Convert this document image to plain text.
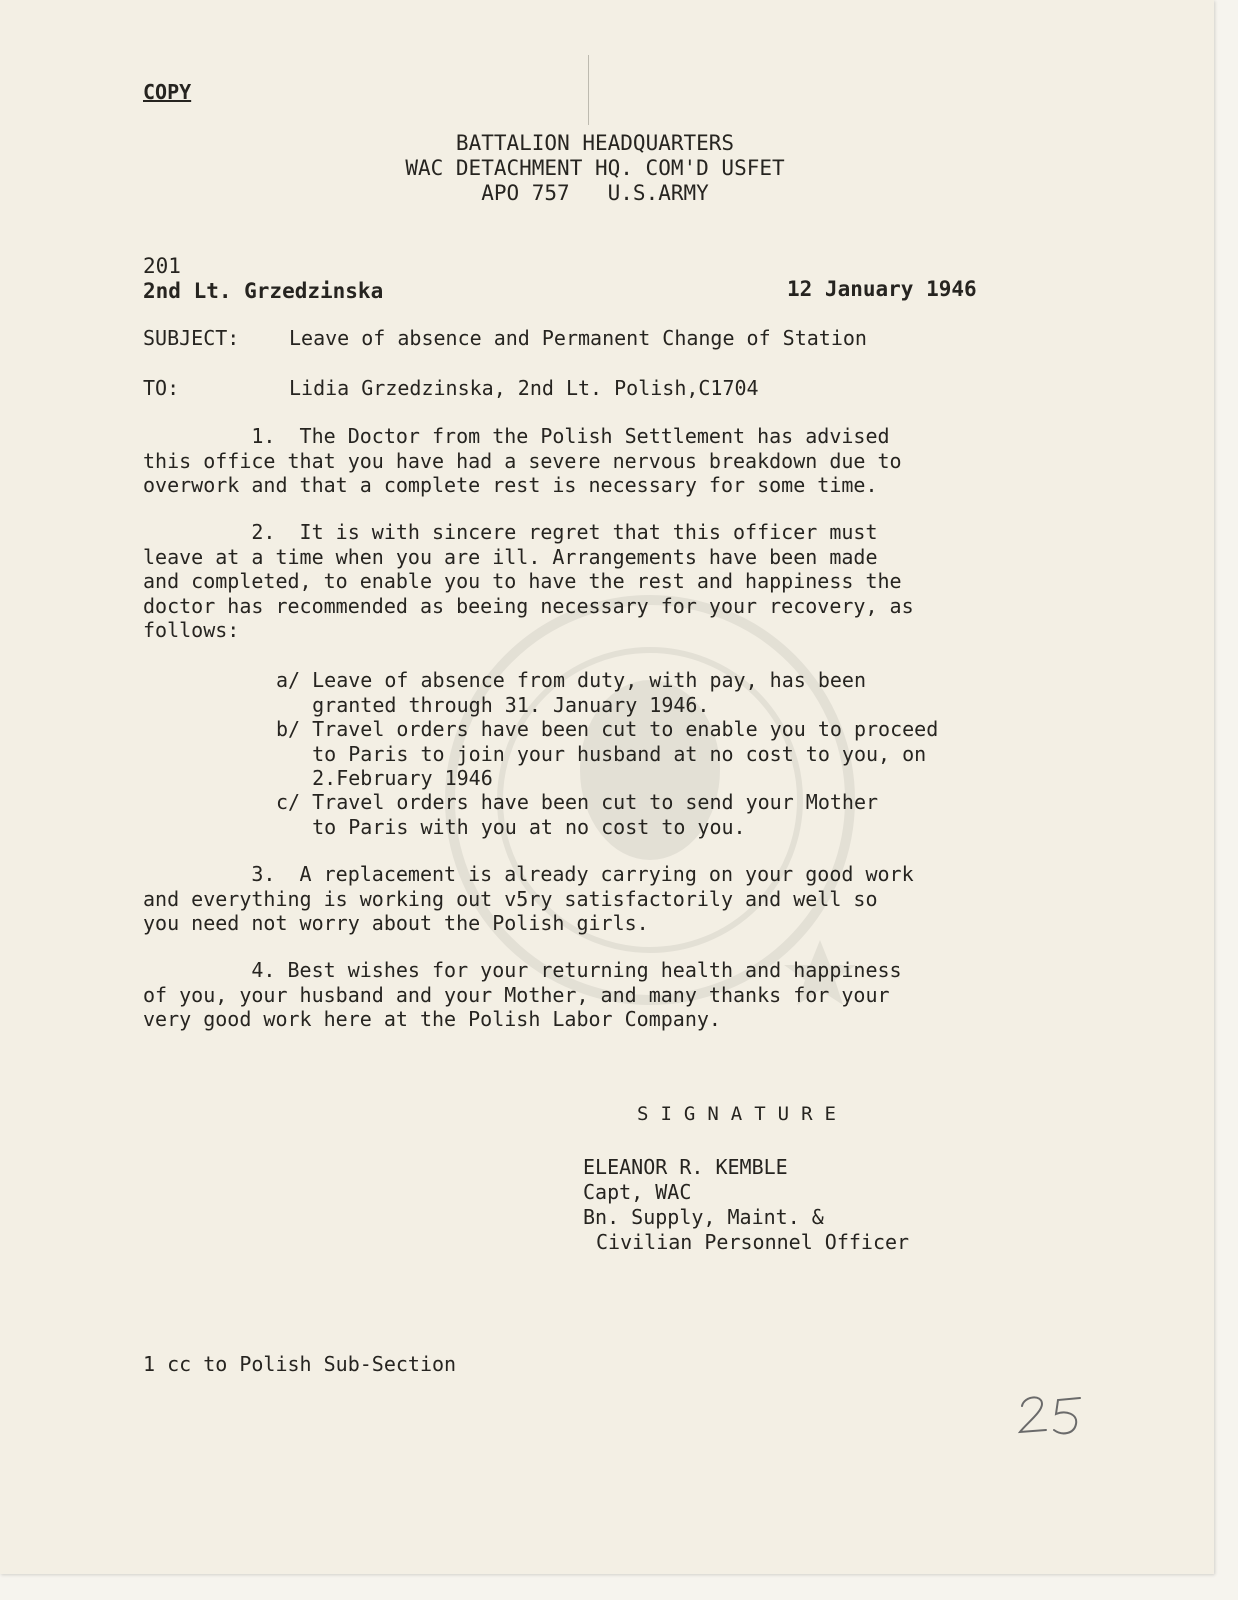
COPY

BATTALION HEADQUARTERS

WAC DETACHMENT HQ. COM'D USFET

APO 757   U.S.ARMY

201

2nd Lt. Grzedzinska	12 January 1946

SUBJECT: Leave of absence and Permanent Change of Station

TO:	Lidia Grzedzinska, 2nd Lt. Polish,C1704

1.  The Doctor from the Polish Settlement has advised
this office that you have had a severe nervous breakdown due to
overwork and that a complete rest is necessary for some time.

2.  It is with sincere regret that this officer must
leave at a time when you are ill. Arrangements have been made
and completed, to enable you to have the rest and happiness the
doctor has recommended as beeing necessary for your recovery, as
follows:

a/ Leave of absence from duty, with pay, has been
granted through 31. January 1946.

b/ Travel orders have been cut to enable you to proceed
to Paris to join your husband at no cost to you, on
2.February 1946

c/ Travel orders have been cut to send your Mother
to Paris with you at no cost to you.

3.  A replacement is already carrying on your good work
and everything is working out v5ry satisfactorily and well so
you need not worry about the Polish girls.

4. Best wishes for your returning health and happiness
of you, your husband and your Mother, and many thanks for your
very good work here at the Polish Labor Company.

SIGNATURE

ELEANOR R. KEMBLE

Capt, WAC

Bn. Supply, Maint. &

Civilian Personnel Officer

1 cc to Polish Sub-Section
